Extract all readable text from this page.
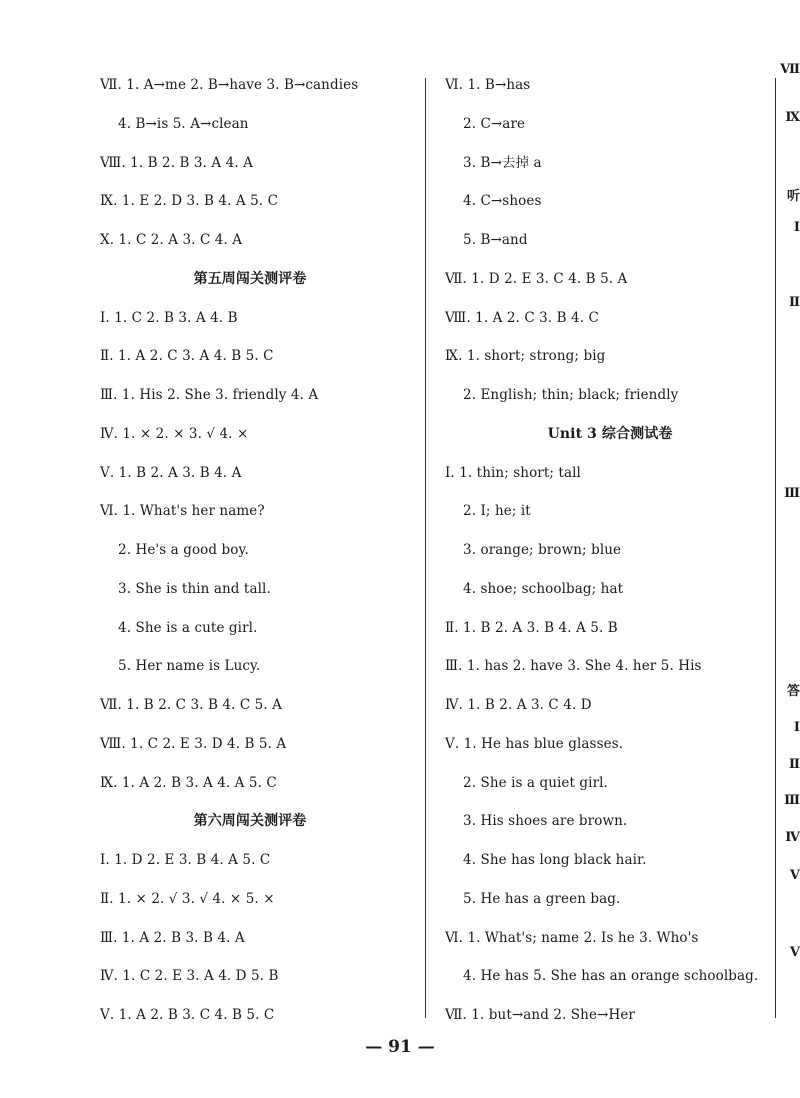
Ⅶ. 1. A→me 2. B→have 3. B→candies
4. B→is 5. A→clean
Ⅷ. 1. B 2. B 3. A 4. A
Ⅸ. 1. E 2. D 3. B 4. A 5. C
Ⅹ. 1. C 2. A 3. C 4. A
第五周闯关测评卷
Ⅰ. 1. C 2. B 3. A 4. B
Ⅱ. 1. A 2. C 3. A 4. B 5. C
Ⅲ. 1. His 2. She 3. friendly 4. A
Ⅳ. 1. × 2. × 3. √ 4. ×
Ⅴ. 1. B 2. A 3. B 4. A
Ⅵ. 1. What's her name?
2. He's a good boy.
3. She is thin and tall.
4. She is a cute girl.
5. Her name is Lucy.
Ⅶ. 1. B 2. C 3. B 4. C 5. A
Ⅷ. 1. C 2. E 3. D 4. B 5. A
Ⅸ. 1. A 2. B 3. A 4. A 5. C
第六周闯关测评卷
Ⅰ. 1. D 2. E 3. B 4. A 5. C
Ⅱ. 1. × 2. √ 3. √ 4. × 5. ×
Ⅲ. 1. A 2. B 3. B 4. A
Ⅳ. 1. C 2. E 3. A 4. D 5. B
Ⅴ. 1. A 2. B 3. C 4. B 5. C
Ⅵ. 1. B→has
2. C→are
3. B→去掉 a
4. C→shoes
5. B→and
Ⅶ. 1. D 2. E 3. C 4. B 5. A
Ⅷ. 1. A 2. C 3. B 4. C
Ⅸ. 1. short; strong; big
2. English; thin; black; friendly
Unit 3 综合测试卷
Ⅰ. 1. thin; short; tall
2. I; he; it
3. orange; brown; blue
4. shoe; schoolbag; hat
Ⅱ. 1. B 2. A 3. B 4. A 5. B
Ⅲ. 1. has 2. have 3. She 4. her 5. His
Ⅳ. 1. B 2. A 3. C 4. D
Ⅴ. 1. He has blue glasses.
2. She is a quiet girl.
3. His shoes are brown.
4. She has long black hair.
5. He has a green bag.
Ⅵ. 1. What's; name 2. Is he 3. Who's
4. He has 5. She has an orange schoolbag.
Ⅶ. 1. but→and 2. She→Her
Ⅶ
Ⅸ
听
Ⅰ
Ⅱ
Ⅲ
答
Ⅰ
Ⅱ
Ⅲ
Ⅳ
Ⅴ
Ⅴ
— 91 —
